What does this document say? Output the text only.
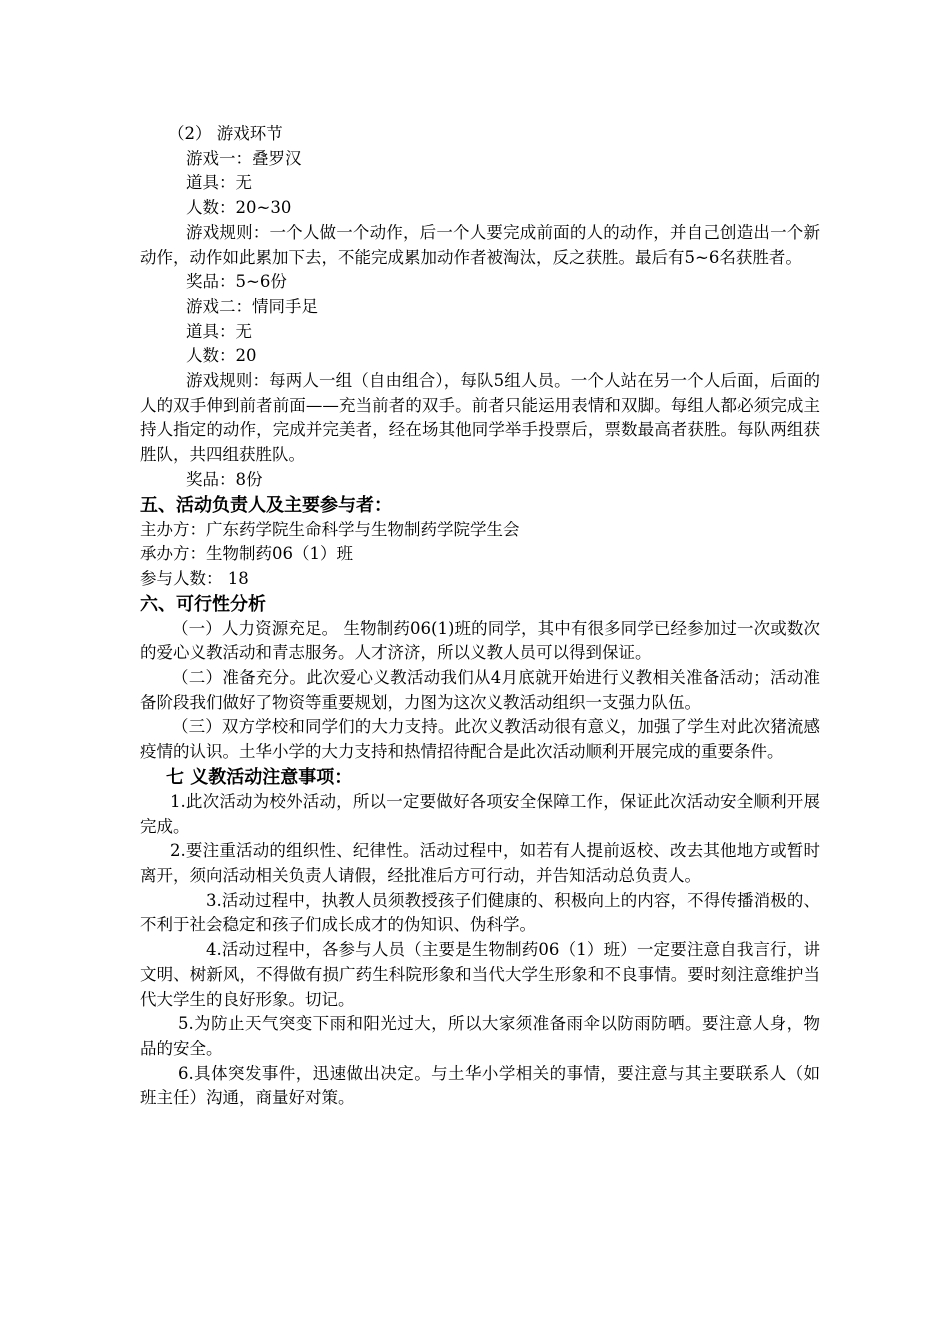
（2） 游戏环节
游戏一：叠罗汉
道具：无
人数：20~30

游戏规则：一个人做一个动作，后一个人要完成前面的人的动作，并自己创造出一个新动作，动作如此累加下去，不能完成累加动作者被淘汰，反之获胜。最后有5~6名获胜者。

奖品：5~6份
游戏二：情同手足
道具：无
人数：20

游戏规则：每两人一组（自由组合），每队5组人员。一个人站在另一个人后面，后面的人的双手伸到前者前面——充当前者的双手。前者只能运用表情和双脚。每组人都必须完成主持人指定的动作，完成并完美者，经在场其他同学举手投票后，票数最高者获胜。每队两组获胜队，共四组获胜队。

奖品：8份
五、活动负责人及主要参与者：
主办方：广东药学院生命科学与生物制药学院学生会
承办方：生物制药06（1）班
参与人数： 18
六、可行性分析

（一）人力资源充足。 生物制药06(1)班的同学，其中有很多同学已经参加过一次或数次的爱心义教活动和青志服务。人才济济，所以义教人员可以得到保证。

（二）准备充分。此次爱心义教活动我们从4月底就开始进行义教相关准备活动；活动准备阶段我们做好了物资等重要规划，力图为这次义教活动组织一支强力队伍。

（三）双方学校和同学们的大力支持。此次义教活动很有意义，加强了学生对此次猪流感疫情的认识。土华小学的大力支持和热情招待配合是此次活动顺利开展完成的重要条件。

七 义教活动注意事项：

1.此次活动为校外活动，所以一定要做好各项安全保障工作，保证此次活动安全顺利开展完成。

2.要注重活动的组织性、纪律性。活动过程中，如若有人提前返校、改去其他地方或暂时离开，须向活动相关负责人请假，经批准后方可行动，并告知活动总负责人。

3.活动过程中，执教人员须教授孩子们健康的、积极向上的内容，不得传播消极的、不利于社会稳定和孩子们成长成才的伪知识、伪科学。

4.活动过程中，各参与人员（主要是生物制药06（1）班）一定要注意自我言行，讲文明、树新风，不得做有损广药生科院形象和当代大学生形象和不良事情。要时刻注意维护当代大学生的良好形象。切记。

5.为防止天气突变下雨和阳光过大，所以大家须准备雨伞以防雨防晒。要注意人身，物品的安全。

6.具体突发事件，迅速做出决定。与土华小学相关的事情，要注意与其主要联系人（如班主任）沟通，商量好对策。
